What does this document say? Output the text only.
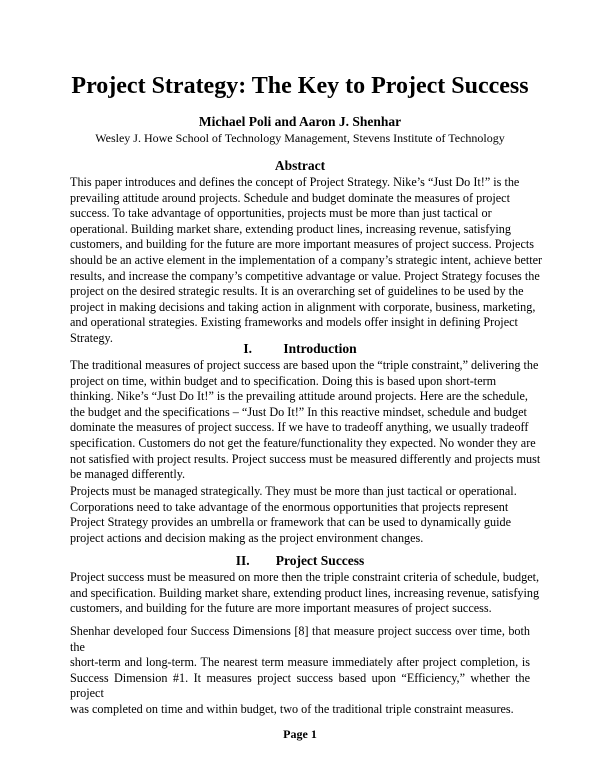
Project Strategy: The Key to Project Success

Michael Poli and Aaron J. Shenhar

Wesley J. Howe School of Technology Management, Stevens Institute of Technology

Abstract

This paper introduces and defines the concept of Project Strategy. Nike’s “Just Do It!” is the
prevailing attitude around projects. Schedule and budget dominate the measures of project
success. To take advantage of opportunities, projects must be more than just tactical or
operational. Building market share, extending product lines, increasing revenue, satisfying
customers, and building for the future are more important measures of project success. Projects
should be an active element in the implementation of a company’s strategic intent, achieve better
results, and increase the company’s competitive advantage or value. Project Strategy focuses the
project on the desired strategic results. It is an overarching set of guidelines to be used by the
project in making decisions and taking action in alignment with corporate, business, marketing,
and operational strategies. Existing frameworks and models offer insight in defining Project
Strategy.

I. Introduction

The traditional measures of project success are based upon the “triple constraint,” delivering the
project on time, within budget and to specification. Doing this is based upon short-term
thinking. Nike’s “Just Do It!” is the prevailing attitude around projects. Here are the schedule,
the budget and the specifications – “Just Do It!” In this reactive mindset, schedule and budget
dominate the measures of project success. If we have to tradeoff anything, we usually tradeoff
specification. Customers do not get the feature/functionality they expected. No wonder they are
not satisfied with project results. Project success must be measured differently and projects must
be managed differently.

Projects must be managed strategically. They must be more than just tactical or operational.
Corporations need to take advantage of the enormous opportunities that projects represent
Project Strategy provides an umbrella or framework that can be used to dynamically guide
project actions and decision making as the project environment changes.

II. Project Success

Project success must be measured on more then the triple constraint criteria of schedule, budget,
and specification. Building market share, extending product lines, increasing revenue, satisfying
customers, and building for the future are more important measures of project success.

Shenhar developed four Success Dimensions [8] that measure project success over time, both the
short-term and long-term. The nearest term measure immediately after project completion, is
Success Dimension #1. It measures project success based upon “Efficiency,” whether the project
was completed on time and within budget, two of the traditional triple constraint measures.

Page 1
